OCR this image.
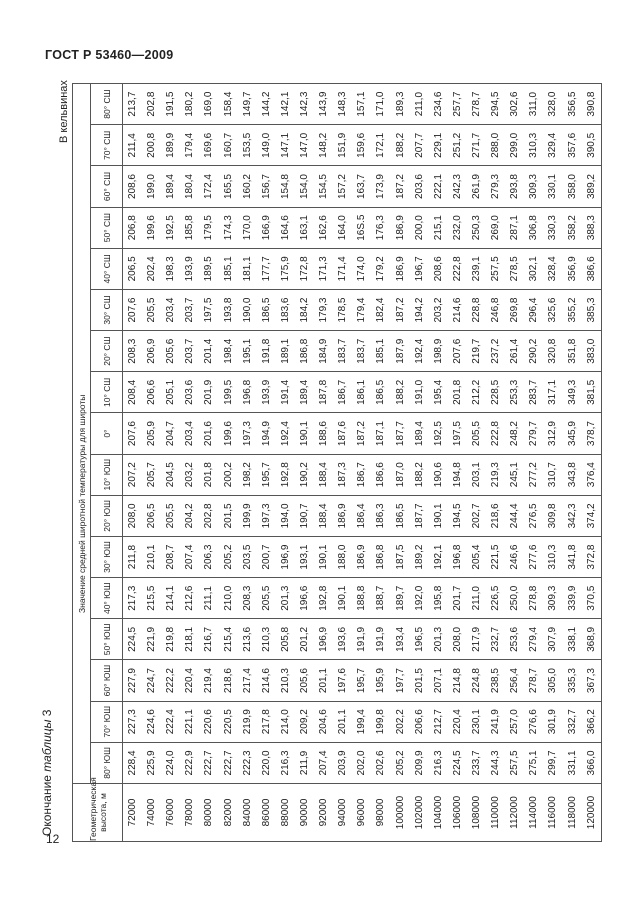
ГОСТ Р 53460—2009
Окончание таблицы 3
В кельвинах
Геометрическая высота, м	Значение средней широтной температуры для широты																
	80° ЮШ	70° ЮШ	60° ЮШ	50° ЮШ	40° ЮШ	30° ЮШ	20° ЮШ	10° ЮШ	0°	10° СШ	20° СШ	30° СШ	40° СШ	50° СШ	60° СШ	70° СШ	80° СШ
72000	228,4	227,3	227,9	224,5	217,3	211,8	208,0	207,2	207,6	208,4	208,3	207,6	206,5	206,8	208,6	211,4	213,7
74000	225,9	224,6	224,7	221,9	215,5	210,1	206,5	205,7	205,9	206,6	206,9	205,5	202,4	199,6	199,0	200,8	202,8
76000	224,0	222,4	222,2	219,8	214,1	208,7	205,5	204,5	204,7	205,1	205,6	203,4	198,3	192,5	189,4	189,9	191,5
78000	222,9	221,1	220,4	218,1	212,6	207,4	204,2	203,2	203,4	203,6	203,7	203,7	193,9	185,8	180,4	179,4	180,2
80000	222,7	220,6	219,4	216,7	211,1	206,3	202,8	201,8	201,6	201,9	201,4	197,5	189,5	179,5	172,4	169,6	169,0
82000	222,7	220,5	218,6	215,4	210,0	205,2	201,5	200,2	199,6	199,5	198,4	193,8	185,1	174,3	165,5	160,7	158,4
84000	222,3	219,9	217,4	213,6	208,3	203,5	199,9	198,2	197,3	196,8	195,1	190,0	181,1	170,0	160,2	153,5	149,7
86000	220,0	217,8	214,6	210,3	205,5	200,7	197,3	195,7	194,9	193,9	191,8	186,5	177,7	166,9	156,7	149,0	144,2
88000	216,3	214,0	210,3	205,8	201,3	196,9	194,0	192,8	192,4	191,4	189,1	183,6	175,9	164,6	154,8	147,1	142,1
90000	211,9	209,2	205,6	201,2	196,6	193,1	190,7	190,2	190,1	189,4	186,8	184,2	172,8	163,1	154,0	147,0	142,3
92000	207,4	204,6	201,1	196,9	192,8	190,1	188,4	188,4	188,6	187,8	184,9	179,3	171,3	162,6	154,5	148,2	143,9
94000	203,9	201,1	197,6	193,6	190,1	188,0	186,9	187,3	187,6	186,7	183,7	178,5	171,4	164,0	157,2	151,9	148,3
96000	202,0	199,4	195,7	191,9	188,8	186,9	186,4	186,7	187,2	186,1	183,7	179,4	174,0	16S.5	163,7	159,6	157,1
98000	202,6	199,8	195,9	191,9	188,7	186,8	186,3	186,6	187,1	186,5	185,1	182,4	179,2	176,3	173,9	172,1	171,0
100000	205,2	202,2	197,7	193,4	189,7	187,5	186,5	187,0	187,7	188,2	187,9	187,2	186,9	186,9	187,2	188,2	189,3
102000	209,9	206,6	201,5	196,5	192,0	189,2	187,7	188,2	189,4	191,0	192,4	194,2	196,7	200,0	203,6	207,7	211,0
104000	216,3	212,7	207,1	201,3	195,8	192,1	190,1	190,6	192,5	195,4	198,9	203,2	208,6	215,1	222,1	229,1	234,6
106000	224,5	220,4	214,8	208,0	201,7	196,8	194,5	194,8	197,5	201,8	207,6	214,6	222,8	232,0	242,3	251,2	257,7
108000	233,7	230,1	224,8	217,9	211,0	205,4	202,7	203,1	205,5	212,2	219,7	228,8	239,1	250,3	261,9	271,7	278,7
110000	244,3	241,9	238,5	232,7	226,5	221,5	218,6	219,3	222,8	228,5	237,2	246,8	257,5	269,0	279,3	288,0	294,5
112000	257,5	257,0	256,4	253,6	250,0	246,6	244,4	245,1	248,2	253,3	261,4	269,8	278,5	287,1	293,8	299,0	302,6
114000	275,1	276,6	278,7	279,4	278,8	277,6	276,5	277,2	279,7	283,7	290,2	296,4	302,1	306,8	309,3	310,3	311,0
116000	299,7	301,9	305,0	307,9	309,3	310,3	309,8	310,7	312,9	317,1	320,8	325,6	328,4	330,3	330,1	329,4	328,0
118000	331,1	332,7	335,3	338,1	339,9	341,8	342,3	343,8	345,9	349,3	351,8	355,2	356,9	358,2	358,0	357,6	356,5
120000	366,0	366,2	367,3	368,9	370,5	372,8	374,2	376,4	378,7	381,5	383,0	385,3	386,6	388,3	389,2	390,5	390,8
12
